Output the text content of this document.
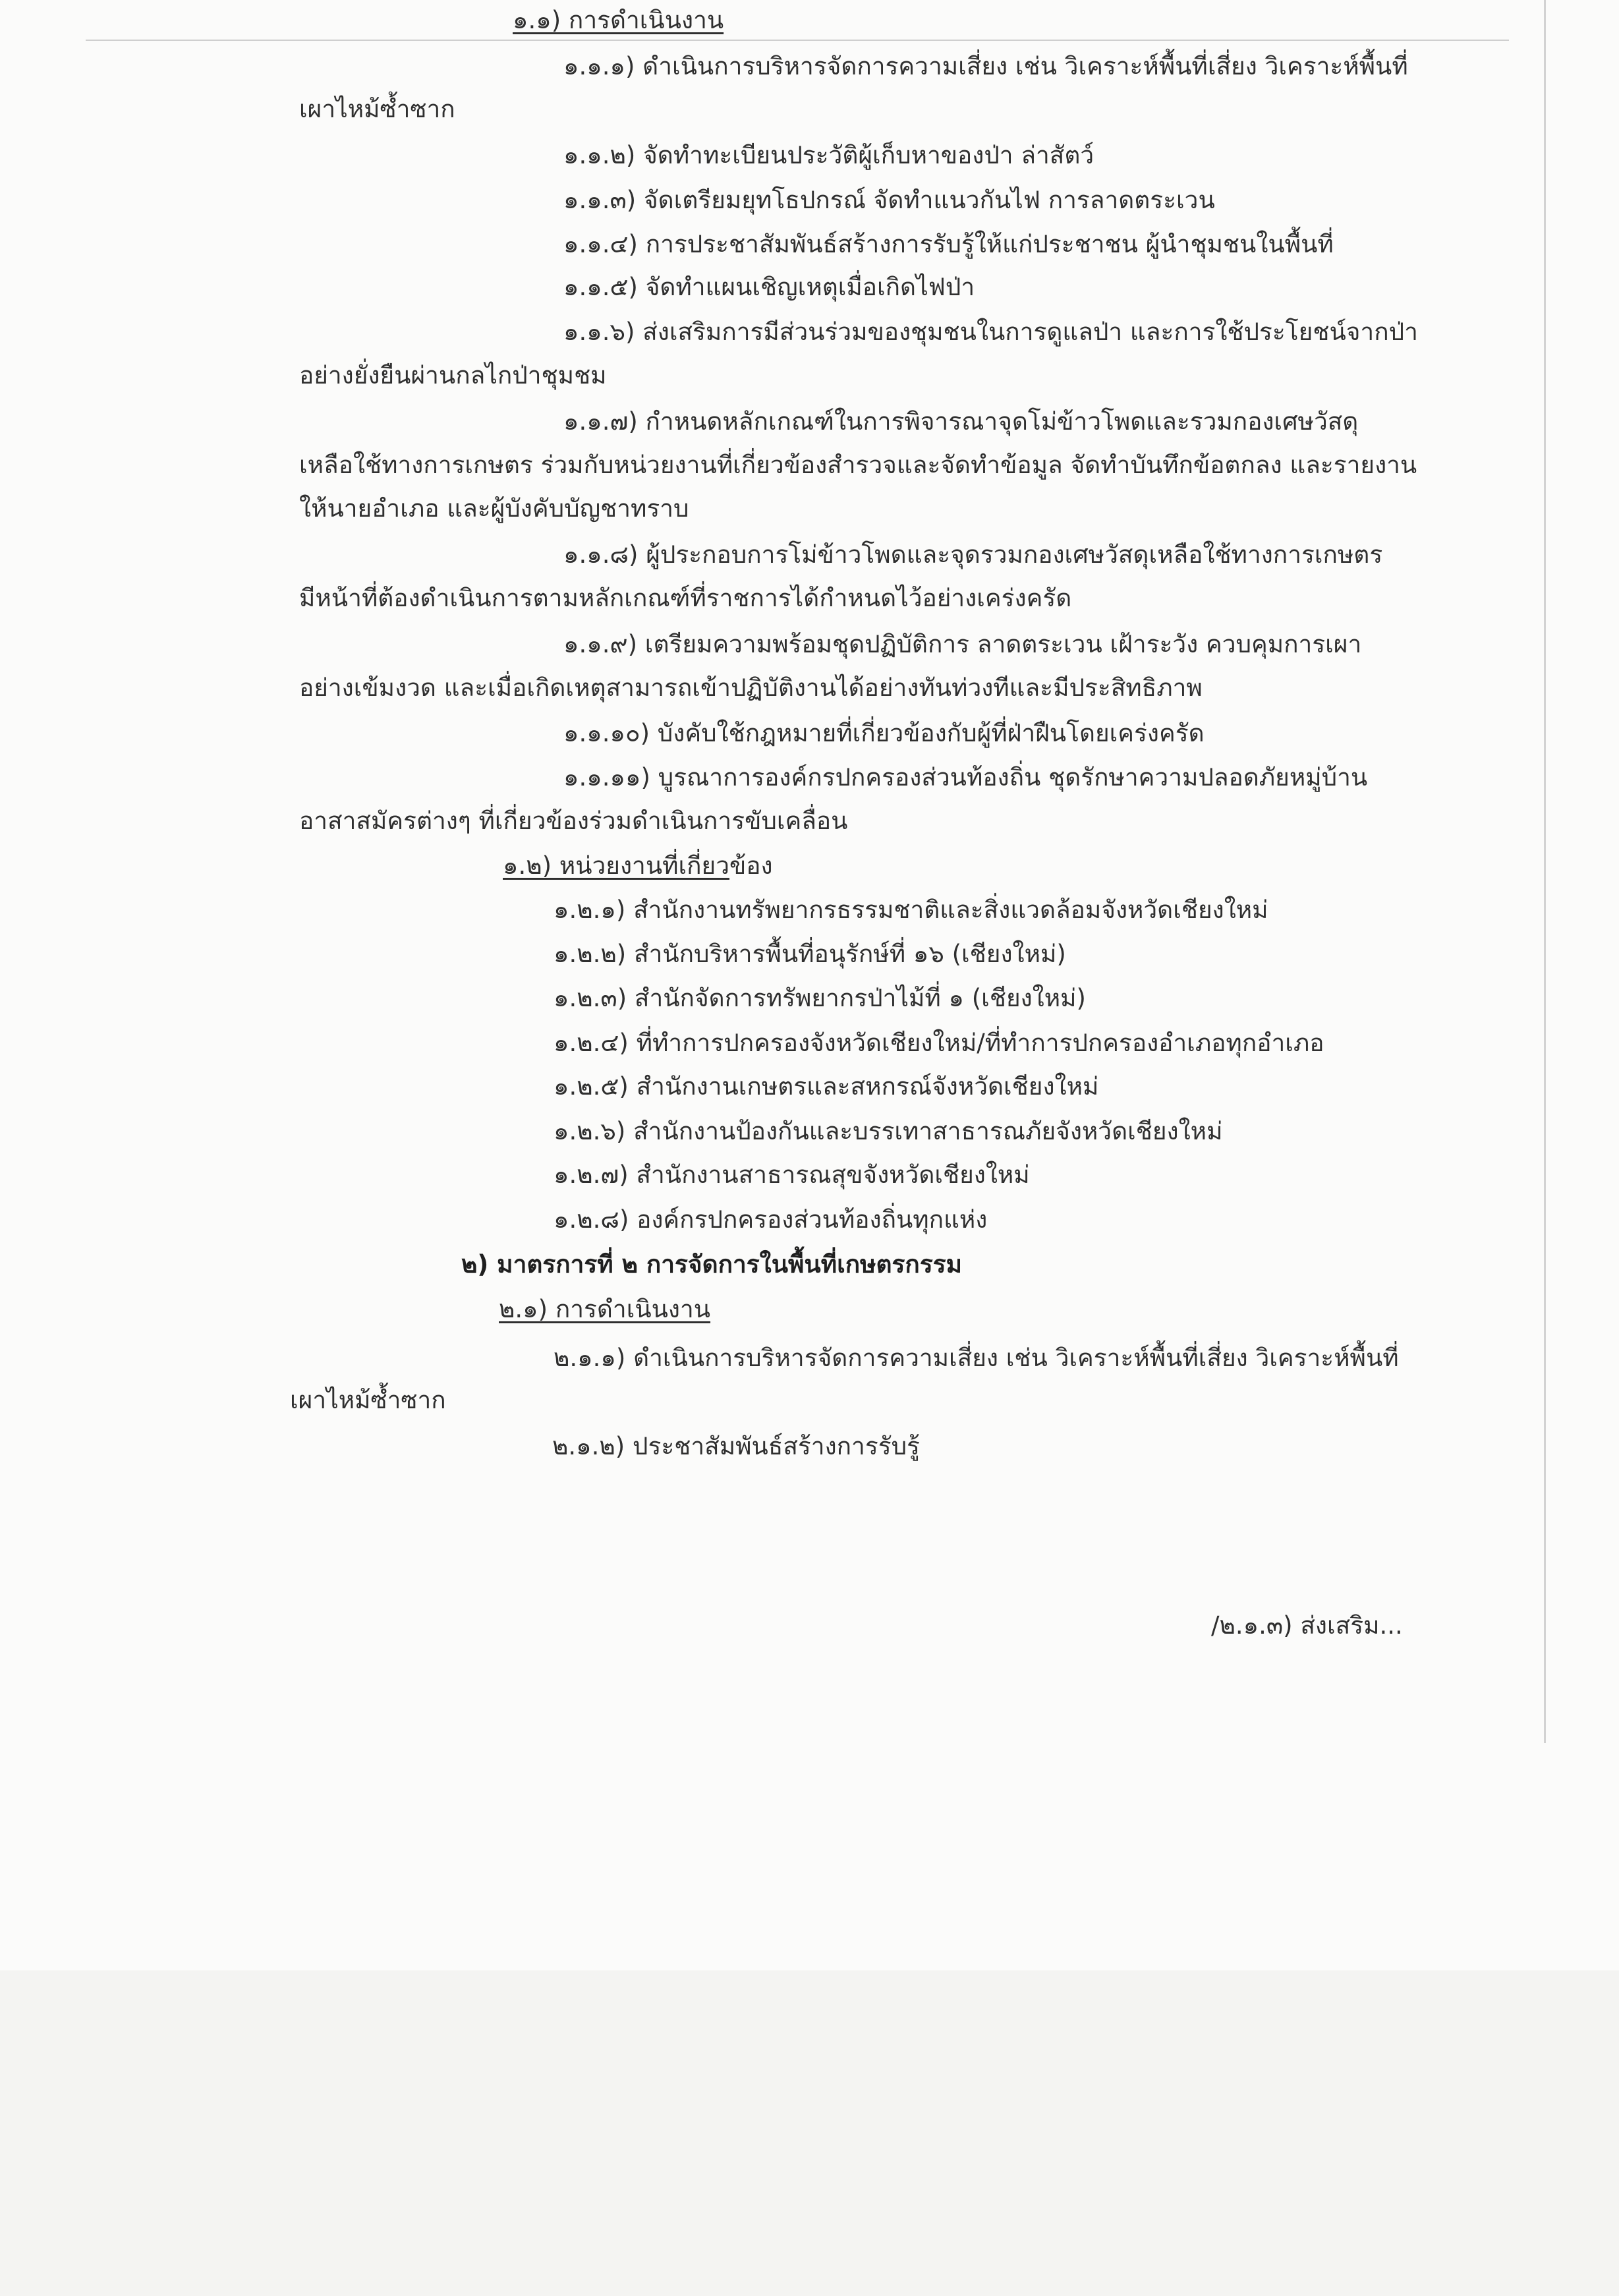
๑.๑) การดำเนินงาน
๑.๑.๑) ดำเนินการบริหารจัดการความเสี่ยง เช่น วิเคราะห์พื้นที่เสี่ยง วิเคราะห์พื้นที่
เผาไหม้ซ้ำซาก
๑.๑.๒) จัดทำทะเบียนประวัติผู้เก็บหาของป่า ล่าสัตว์
๑.๑.๓) จัดเตรียมยุทโธปกรณ์ จัดทำแนวกันไฟ การลาดตระเวน
๑.๑.๔) การประชาสัมพันธ์สร้างการรับรู้ให้แก่ประชาชน ผู้นำชุมชนในพื้นที่
๑.๑.๕) จัดทำแผนเชิญเหตุเมื่อเกิดไฟป่า
๑.๑.๖) ส่งเสริมการมีส่วนร่วมของชุมชนในการดูแลป่า และการใช้ประโยชน์จากป่า
อย่างยั่งยืนผ่านกลไกป่าชุมชม
๑.๑.๗) กำหนดหลักเกณฑ์ในการพิจารณาจุดโม่ข้าวโพดและรวมกองเศษวัสดุ
เหลือใช้ทางการเกษตร ร่วมกับหน่วยงานที่เกี่ยวข้องสำรวจและจัดทำข้อมูล จัดทำบันทึกข้อตกลง และรายงาน
ให้นายอำเภอ และผู้บังคับบัญชาทราบ
๑.๑.๘) ผู้ประกอบการโม่ข้าวโพดและจุดรวมกองเศษวัสดุเหลือใช้ทางการเกษตร
มีหน้าที่ต้องดำเนินการตามหลักเกณฑ์ที่ราชการได้กำหนดไว้อย่างเคร่งครัด
๑.๑.๙) เตรียมความพร้อมชุดปฏิบัติการ ลาดตระเวน เฝ้าระวัง ควบคุมการเผา
อย่างเข้มงวด และเมื่อเกิดเหตุสามารถเข้าปฏิบัติงานได้อย่างทันท่วงทีและมีประสิทธิภาพ
๑.๑.๑๐) บังคับใช้กฎหมายที่เกี่ยวข้องกับผู้ที่ฝ่าฝืนโดยเคร่งครัด
๑.๑.๑๑) บูรณาการองค์กรปกครองส่วนท้องถิ่น ชุดรักษาความปลอดภัยหมู่บ้าน
อาสาสมัครต่างๆ ที่เกี่ยวข้องร่วมดำเนินการขับเคลื่อน
๑.๒) หน่วยงานที่เกี่ยวข้อง
๑.๒.๑) สำนักงานทรัพยากรธรรมชาติและสิ่งแวดล้อมจังหวัดเชียงใหม่
๑.๒.๒) สำนักบริหารพื้นที่อนุรักษ์ที่ ๑๖ (เชียงใหม่)
๑.๒.๓) สำนักจัดการทรัพยากรป่าไม้ที่ ๑ (เชียงใหม่)
๑.๒.๔) ที่ทำการปกครองจังหวัดเชียงใหม่/ที่ทำการปกครองอำเภอทุกอำเภอ
๑.๒.๕) สำนักงานเกษตรและสหกรณ์จังหวัดเชียงใหม่
๑.๒.๖) สำนักงานป้องกันและบรรเทาสาธารณภัยจังหวัดเชียงใหม่
๑.๒.๗) สำนักงานสาธารณสุขจังหวัดเชียงใหม่
๑.๒.๘) องค์กรปกครองส่วนท้องถิ่นทุกแห่ง
๒) มาตรการที่ ๒ การจัดการในพื้นที่เกษตรกรรม
๒.๑) การดำเนินงาน
๒.๑.๑) ดำเนินการบริหารจัดการความเสี่ยง เช่น วิเคราะห์พื้นที่เสี่ยง วิเคราะห์พื้นที่
เผาไหม้ซ้ำซาก
๒.๑.๒) ประชาสัมพันธ์สร้างการรับรู้
/๒.๑.๓) ส่งเสริม...
